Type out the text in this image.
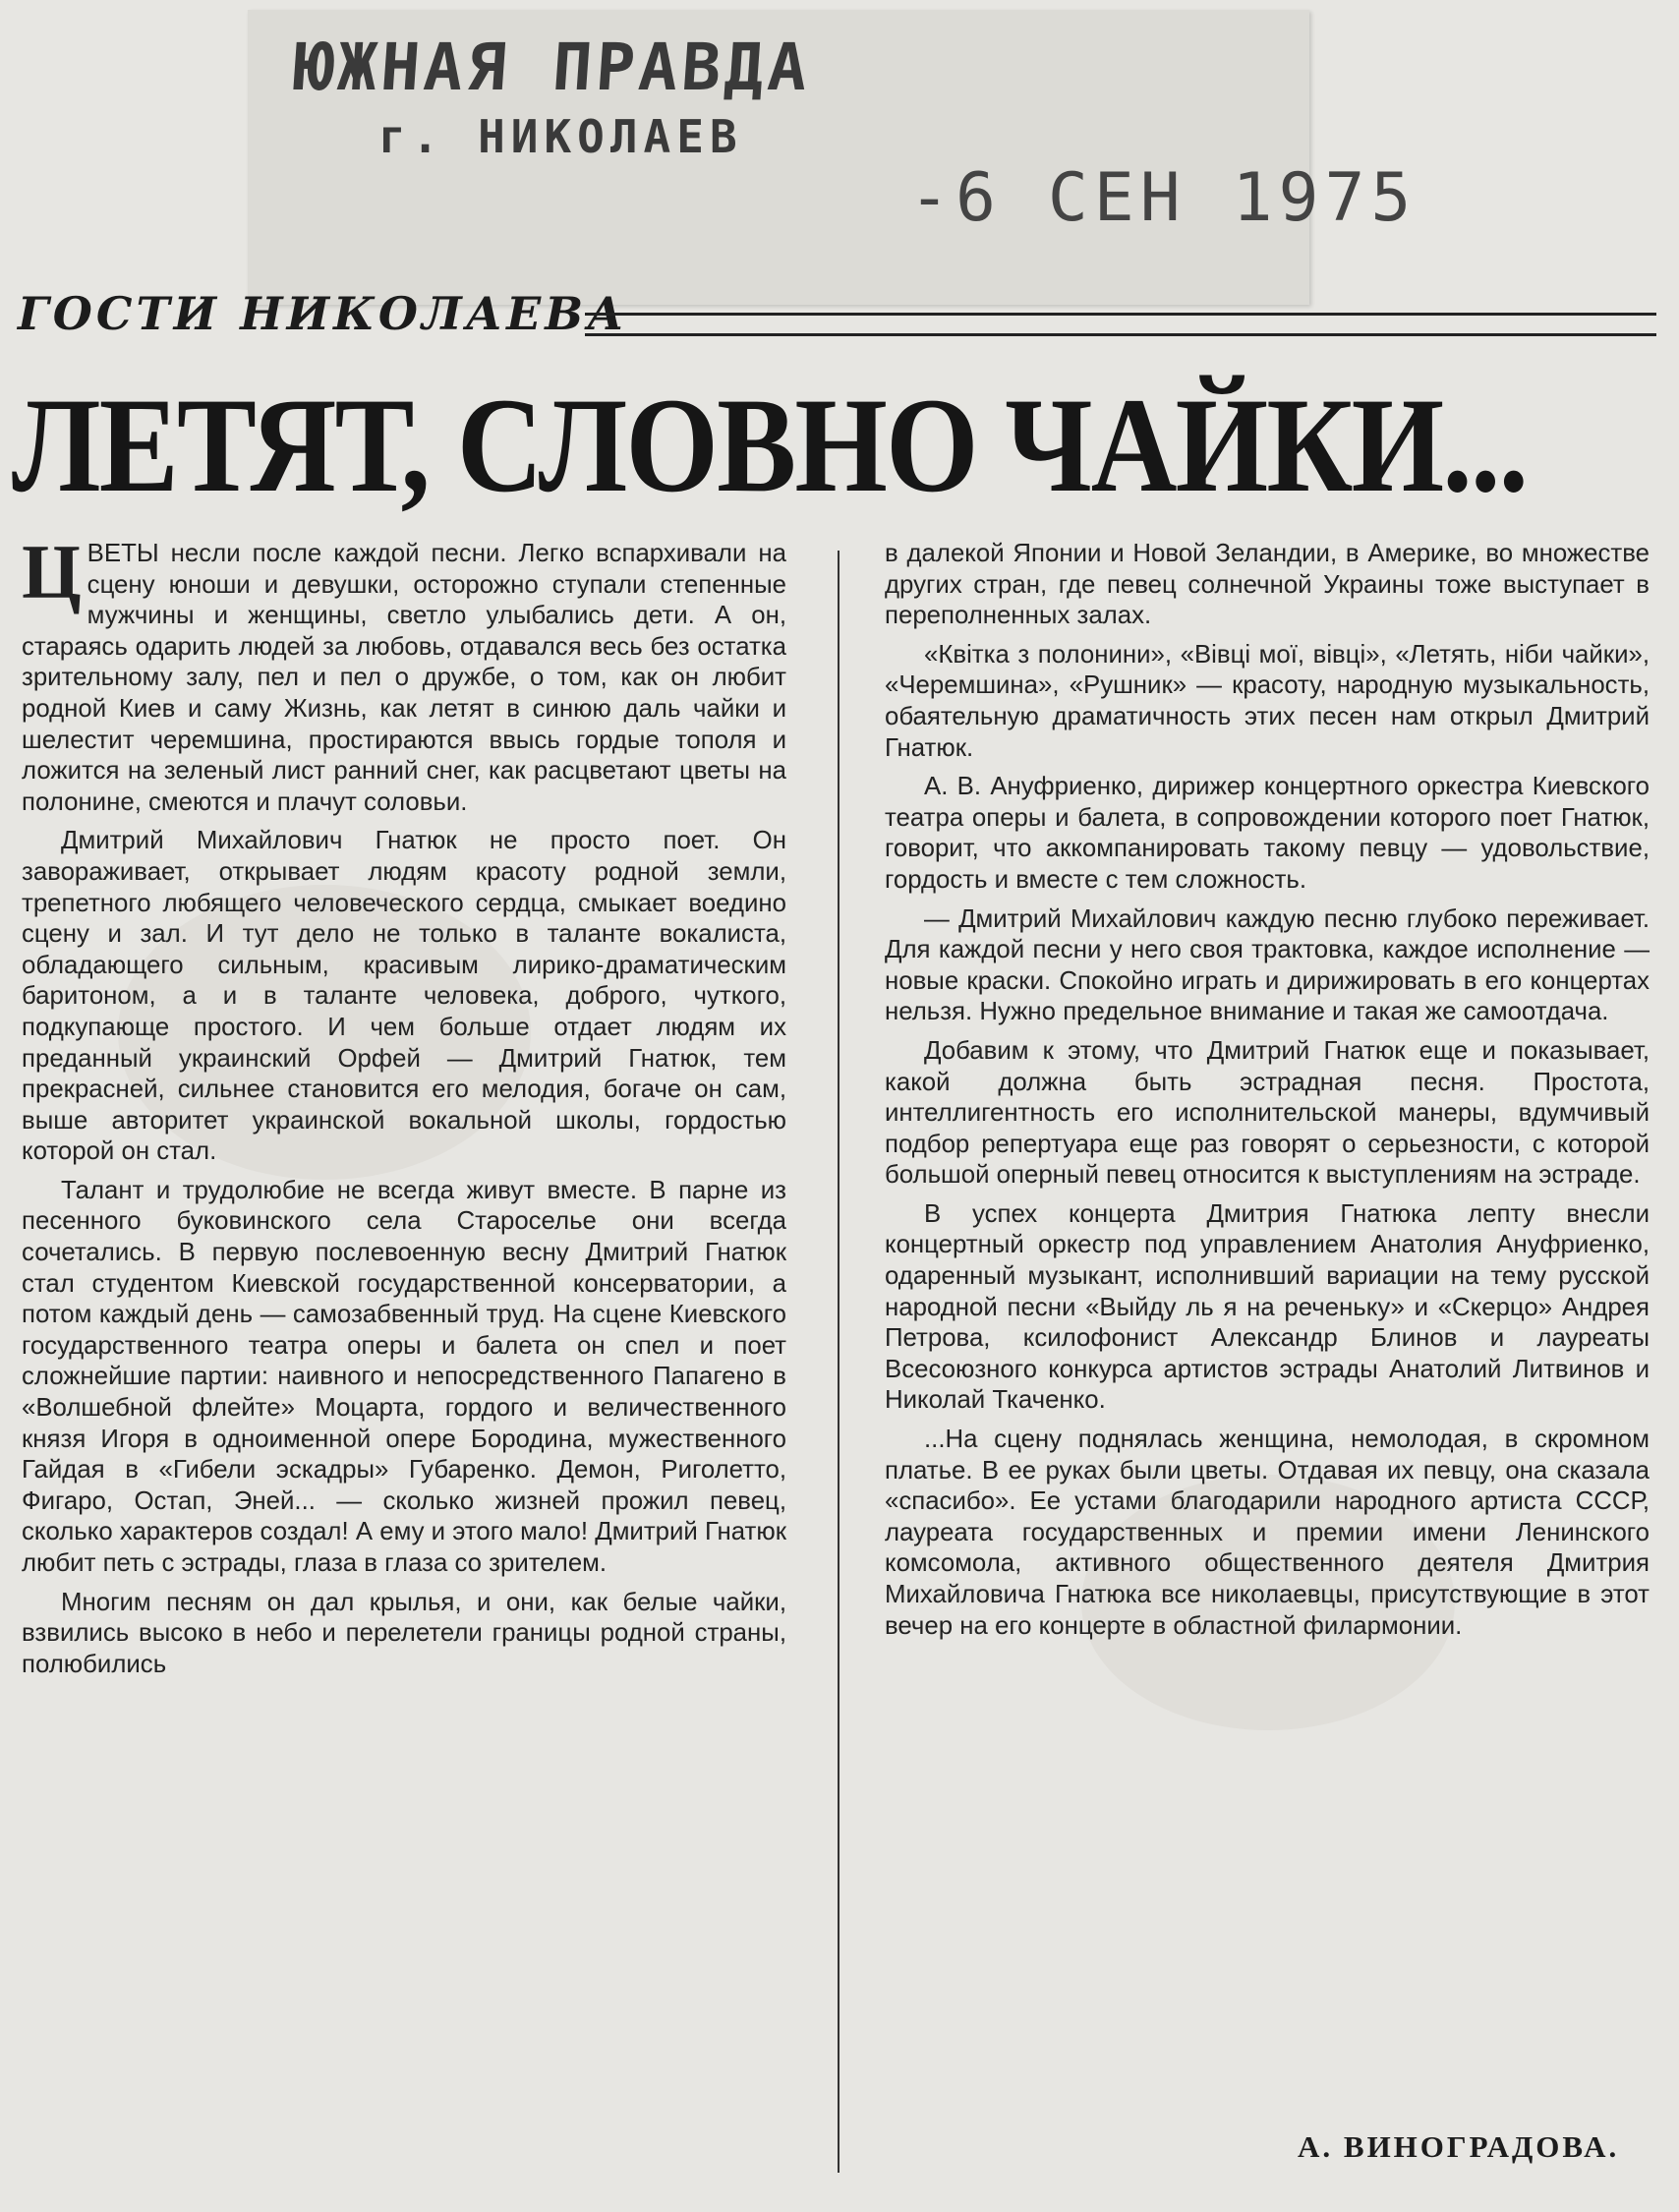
ЮЖНАЯ ПРАВДА
г. НИКОЛАЕВ
-6 СЕН 1975
ГОСТИ НИКОЛАЕВА
ЛЕТЯТ, СЛОВНО ЧАЙКИ...

ЦВЕТЫ несли после каждой песни. Легко вспархивали на сцену юноши и девушки, осторожно ступали степенные мужчины и женщины, светло улыбались дети. А он, стараясь одарить людей за любовь, отдавался весь без остатка зрительному залу, пел и пел о дружбе, о том, как он любит родной Киев и саму Жизнь, как летят в синюю даль чайки и шелестит черемшина, простираются ввысь гордые тополя и ложится на зеленый лист ранний снег, как расцветают цветы на полонине, смеются и плачут соловьи.

Дмитрий Михайлович Гнатюк не просто поет. Он завораживает, открывает людям красоту родной земли, трепетного любящего человеческого сердца, смыкает воедино сцену и зал. И тут дело не только в таланте вокалиста, обладающего сильным, красивым лирико-драматическим баритоном, а и в таланте человека, доброго, чуткого, подкупающе простого. И чем больше отдает людям их преданный украинский Орфей — Дмитрий Гнатюк, тем прекрасней, сильнее становится его мелодия, богаче он сам, выше авторитет украинской вокальной школы, гордостью которой он стал.

Талант и трудолюбие не всегда живут вместе. В парне из песенного буковинского села Староселье они всегда сочетались. В первую послевоенную весну Дмитрий Гнатюк стал студентом Киевской государственной консерватории, а потом каждый день — самозабвенный труд. На сцене Киевского государственного театра оперы и балета он спел и поет сложнейшие партии: наивного и непосредственного Папагено в «Волшебной флейте» Моцарта, гордого и величественного князя Игоря в одноименной опере Бородина, мужественного Гайдая в «Гибели эскадры» Губаренко. Демон, Риголетто, Фигаро, Остап, Эней... — сколько жизней прожил певец, сколько характеров создал! А ему и этого мало! Дмитрий Гнатюк любит петь с эстрады, глаза в глаза со зрителем.

Многим песням он дал крылья, и они, как белые чайки, взвились высоко в небо и перелетели границы родной страны, полюбились

в далекой Японии и Новой Зеландии, в Америке, во множестве других стран, где певец солнечной Украины тоже выступает в переполненных залах.

«Квітка з полонини», «Вівці мої, вівці», «Летять, ніби чайки», «Черемшина», «Рушник» — красоту, народную музыкальность, обаятельную драматичность этих песен нам открыл Дмитрий Гнатюк.

А. В. Ануфриенко, дирижер концертного оркестра Киевского театра оперы и балета, в сопровождении которого поет Гнатюк, говорит, что аккомпанировать такому певцу — удовольствие, гордость и вместе с тем сложность.

— Дмитрий Михайлович каждую песню глубоко переживает. Для каждой песни у него своя трактовка, каждое исполнение — новые краски. Спокойно играть и дирижировать в его концертах нельзя. Нужно предельное внимание и такая же самоотдача.

Добавим к этому, что Дмитрий Гнатюк еще и показывает, какой должна быть эстрадная песня. Простота, интеллигентность его исполнительской манеры, вдумчивый подбор репертуара еще раз говорят о серьезности, с которой большой оперный певец относится к выступлениям на эстраде.

В успех концерта Дмитрия Гнатюка лепту внесли концертный оркестр под управлением Анатолия Ануфриенко, одаренный музыкант, исполнивший вариации на тему русской народной песни «Выйду ль я на реченьку» и «Скерцо» Андрея Петрова, ксилофонист Александр Блинов и лауреаты Всесоюзного конкурса артистов эстрады Анатолий Литвинов и Николай Ткаченко.

...На сцену поднялась женщина, немолодая, в скромном платье. В ее руках были цветы. Отдавая их певцу, она сказала «спасибо». Ее устами благодарили народного артиста СССР, лауреата государственных и премии имени Ленинского комсомола, активного общественного деятеля Дмитрия Михайловича Гнатюка все николаевцы, присутствующие в этот вечер на его концерте в областной филармонии.

А. ВИНОГРАДОВА.
